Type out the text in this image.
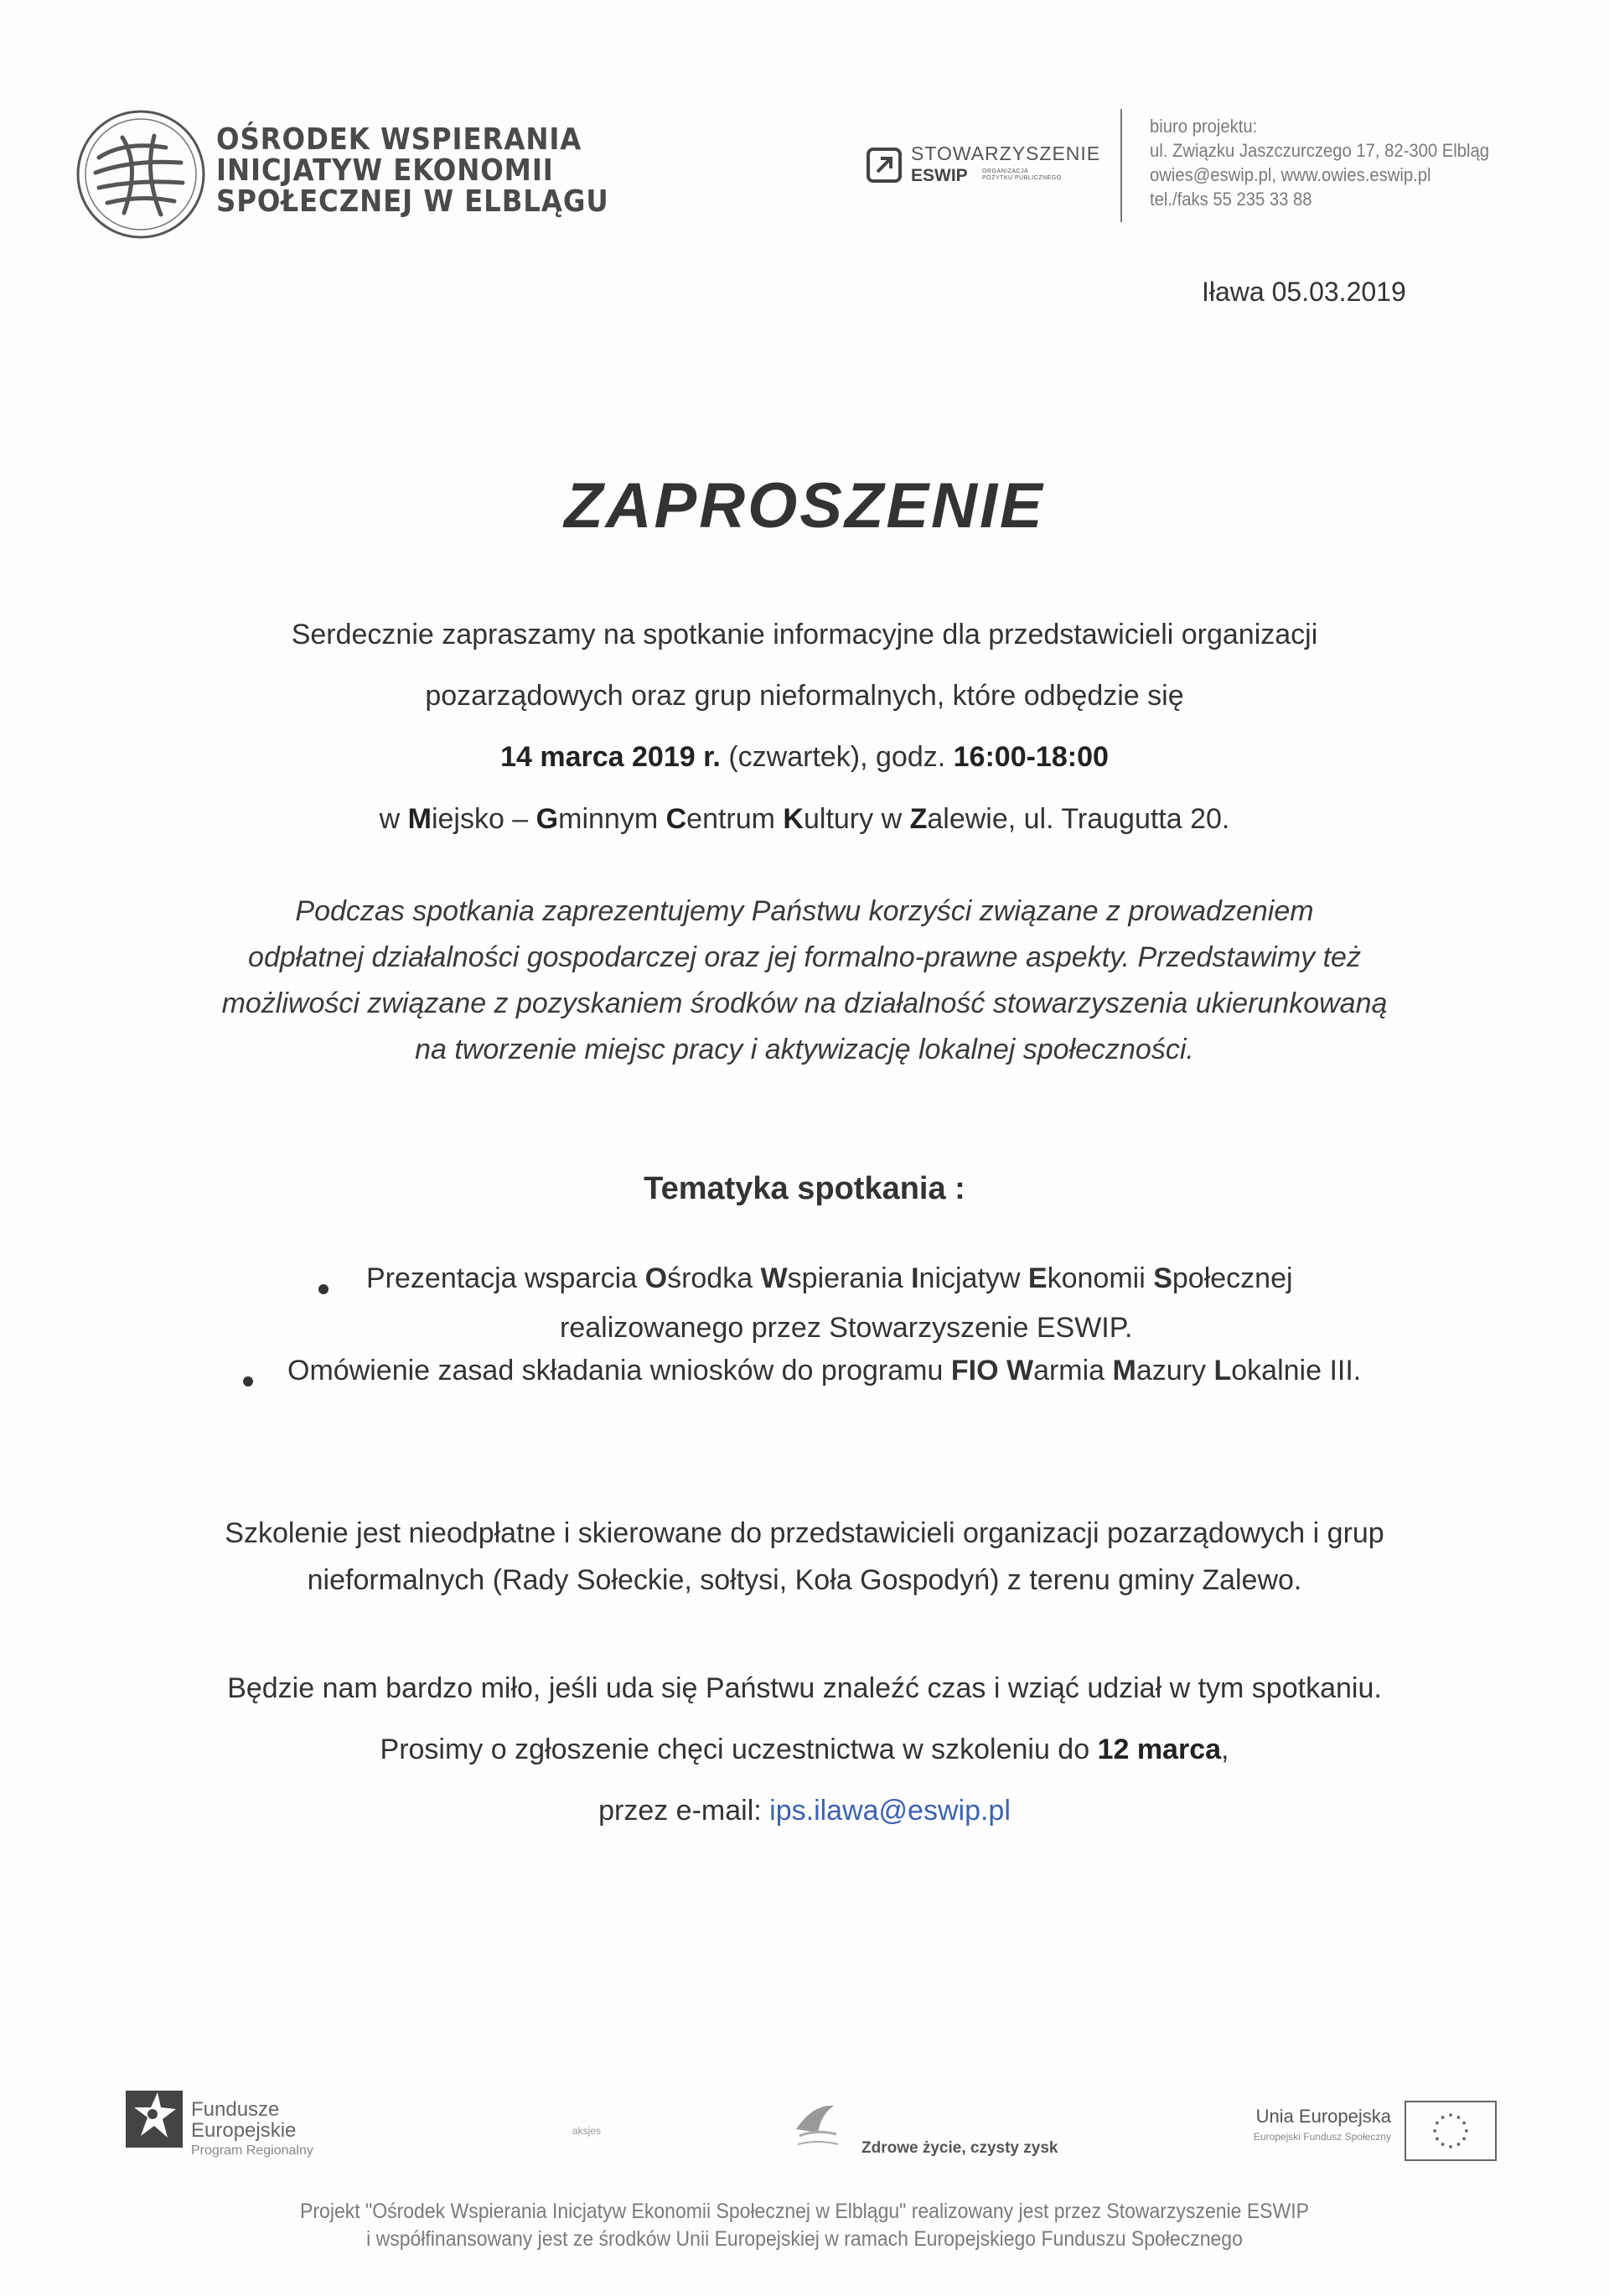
OŚRODEK WSPIERANIA
INICJATYW EKONOMII
SPOŁECZNEJ W ELBLĄGU
STOWARZYSZENIE
ESWIP ORGANIZACJA
POŻYTKU PUBLICZNEGO
biuro projektu:
ul. Związku Jaszczurczego 17, 82-300 Elbląg
owies@eswip.pl, www.owies.eswip.pl
tel./faks 55 235 33 88
Iława 05.03.2019
ZAPROSZENIE
Serdecznie zapraszamy na spotkanie informacyjne dla przedstawicieli organizacji
pozarządowych oraz grup nieformalnych, które odbędzie się
14 marca 2019 r. (czwartek), godz. 16:00-18:00
w Miejsko – Gminnym Centrum Kultury w Zalewie, ul. Traugutta 20.
Podczas spotkania zaprezentujemy Państwu korzyści związane z prowadzeniem
odpłatnej działalności gospodarczej oraz jej formalno-prawne aspekty. Przedstawimy też
możliwości związane z pozyskaniem środków na działalność stowarzyszenia ukierunkowaną
na tworzenie miejsc pracy i aktywizację lokalnej społeczności.
Tematyka spotkania :
Prezentacja wsparcia Ośrodka Wspierania Inicjatyw Ekonomii Społecznej
realizowanego przez Stowarzyszenie ESWIP.
Omówienie zasad składania wniosków do programu FIO Warmia Mazury Lokalnie III.
Szkolenie jest nieodpłatne i skierowane do przedstawicieli organizacji pozarządowych i grup
nieformalnych (Rady Sołeckie, sołtysi, Koła Gospodyń) z terenu gminy Zalewo.
Będzie nam bardzo miło, jeśli uda się Państwu znaleźć czas i wziąć udział w tym spotkaniu.
Prosimy o zgłoszenie chęci uczestnictwa w szkoleniu do 12 marca,
przez e-mail: ips.ilawa@eswip.pl
Fundusze
Europejskie
Program Regionalny
aksjes
Zdrowe życie, czysty zysk
Unia Europejska
Europejski Fundusz Społeczny
Projekt "Ośrodek Wspierania Inicjatyw Ekonomii Społecznej w Elblągu" realizowany jest przez Stowarzyszenie ESWIP
i współfinansowany jest ze środków Unii Europejskiej w ramach Europejskiego Funduszu Społecznego
